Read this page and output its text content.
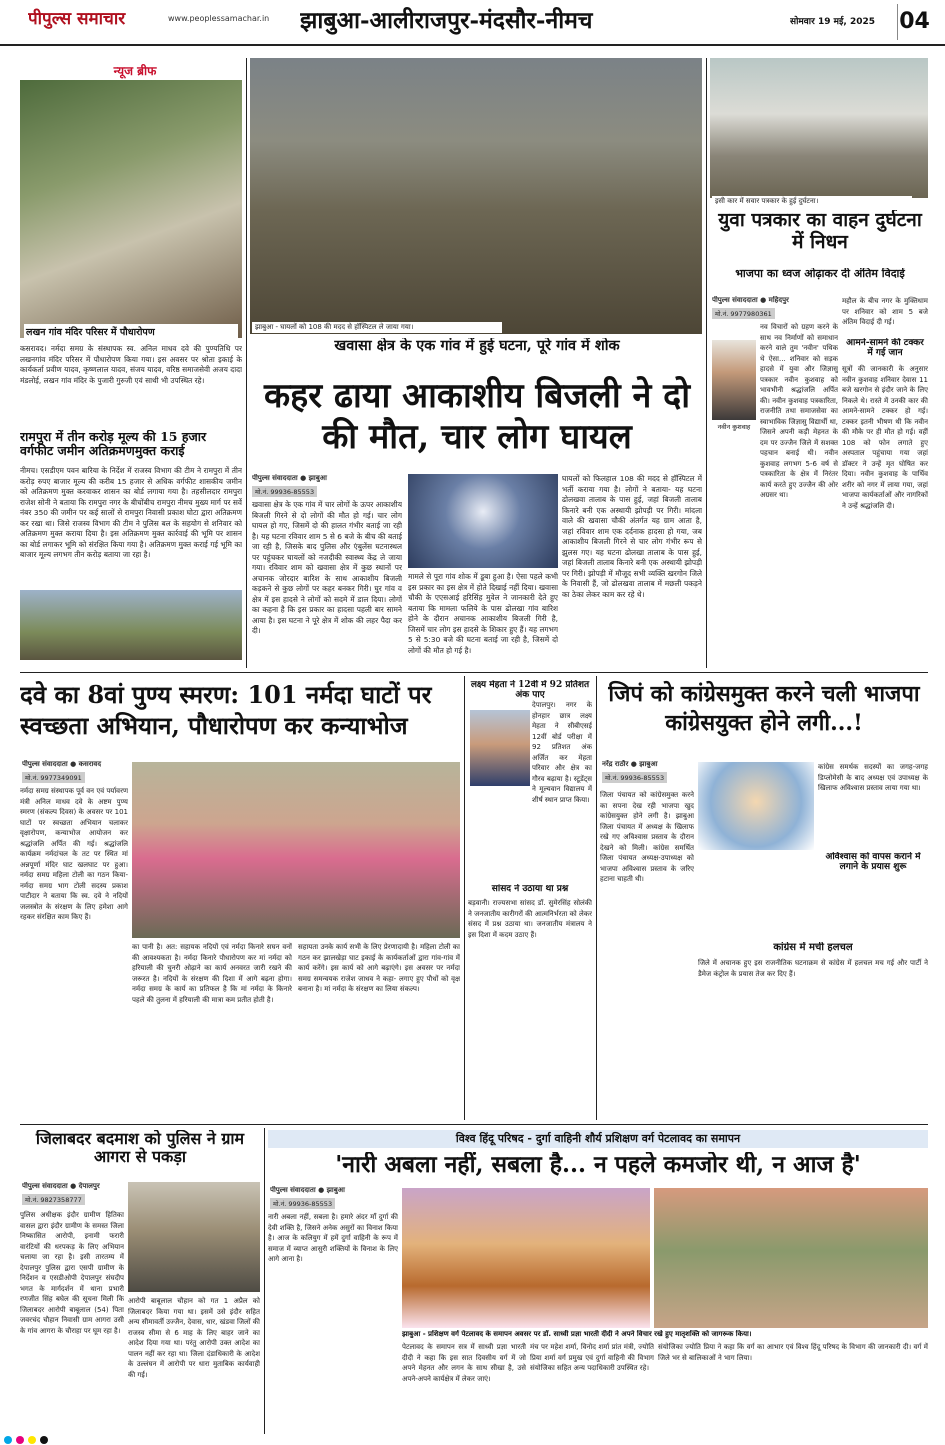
पीपुल्स समाचार	www.peoplessamachar.in	झाबुआ-आलीराजपुर-मंदसौर-नीमच	सोमवार 19 मई, 2025	04
न्यूज ब्रीफ
लखन गांव मंदिर परिसर में पौधारोपण
कसरावद। नर्मदा समग्र के संस्थापक स्व. अनिल माधव दवे की पुण्यतिथि पर लखनगांव मंदिर परिसर में पौधारोपण किया गया। इस अवसर पर श्रोता इकाई के कार्यकर्ता प्रवीण यादव, कृष्णलाल यादव, संजय यादव, वरिष्ठ समाजसेवी अजय दादा मंडलोई, लखन गांव मंदिर के पुजारी गुरुजी एवं साथी भी उपस्थित रहे।
रामपुरा में तीन करोड़ मूल्य की 15 हजार वर्गफीट जमीन अतिक्रमणमुक्त कराई
नीमच। एसडीएम पवन बारिया के निर्देश में राजस्व विभाग की टीम ने रामपुरा में तीन करोड़ रुपए बाजार मूल्य की करीब 15 हजार से अधिक वर्गफीट शासकीय जमीन को अतिक्रमण मुक्त करवाकर शासन का बोर्ड लगाया गया है। तहसीलदार रामपुरा राजेश सोनी ने बताया कि रामपुरा नगर के बीचोंबीच रामपुरा नीमच मुख्य मार्ग पर सर्वे नंबर 350 की जमीन पर कई सालों से रामपुरा निवासी प्रकाश घोटा द्वारा अतिक्रमण कर रखा था। जिसे राजस्व विभाग की टीम ने पुलिस बल के सहयोग से शनिवार को अतिक्रमण मुक्त कराया दिया है। इस अतिक्रमण मुक्त कार्रवाई की भूमि पर शासन का बोर्ड लगाकर भूमि को संरक्षित किया गया है। अतिक्रमण मुक्त कराई गई भूमि का बाजार मूल्य लगभग तीन करोड़ बताया जा रहा है।
झाबुआ - घायलों को 108 की मदद से हॉस्पिटल ले जाया गया।
खवासा क्षेत्र के एक गांव में हुई घटना, पूरे गांव में शोक
कहर ढाया आकाशीय बिजली ने दो की मौत, चार लोग घायल
पीपुल्स संवाददाता ● झाबुआ
मो.नं. 99936-85553
खवासा क्षेत्र के एक गांव में चार लोगों के ऊपर आकाशीय बिजली गिरने से दो लोगों की मौत हो गई। चार लोग घायल हो गए, जिसमें दो की हालत गंभीर बताई जा रही है। यह घटना रविवार शाम 5 से 6 बजे के बीच की बताई जा रही है, जिसके बाद पुलिस और एंबुलेंस घटनास्थल पर पहुंचकर घायलों को नजदीकी स्वास्थ्य केंद्र ले जाया गया। रविवार शाम को खवासा क्षेत्र में कुछ स्थानों पर अचानक जोरदार बारिश के साथ आकाशीय बिजली कड़कने से कुछ लोगों पर कहर बनकर गिरी। घुर गांव व क्षेत्र में इस हादसे ने लोगों को सदमे में डाल दिया। लोगों का कहना है कि इस प्रकार का हादसा पहली बार सामने आया है। इस घटना ने पूरे क्षेत्र में शोक की लहर पैदा कर दी।
मामले से पूरा गांव शोक में डूबा हुआ है। ऐसा पहले कभी इस प्रकार का इस क्षेत्र में होते दिखाई नहीं दिया। खवासा चौकी के एएसआई हरिसिंह मुवेल ने जानकारी देते हुए बताया कि मामला फलिये के पास ढोलखा गांव बारिश होने के दौरान अचानक आकाशीय बिजली गिरी है, जिसमें चार लोग इस हादसे के शिकार हुए हैं। यह लगभग 5 से 5:30 बजे की घटना बताई जा रही है, जिसमें दो लोगों की मौत हो गई है।
घायलों को फिलहाल 108 की मदद से हॉस्पिटल में भर्ती कराया गया है। लोगों ने बताया- यह घटना ढोलखवा तालाब के पास हुई, जहां बिजली तालाब किनारे बनी एक अस्थायी झोपड़ी पर गिरी। मांदला वाले की खवासा चौकी अंतर्गत यह ग्राम आता है, जहां रविवार शाम एक दर्दनाक हादसा हो गया, जब आकाशीय बिजली गिरने से चार लोग गंभीर रूप से झुलस गए। यह घटना ढोलखा तालाब के पास हुई, जहां बिजली तालाब किनारे बनी एक अस्थायी झोपड़ी पर गिरी। झोपड़ी में मौजूद सभी व्यक्ति खरगोन जिले के निवासी हैं, जो ढोलखवा तालाब में मछली पकड़ने का ठेका लेकर काम कर रहे थे।
इसी कार में सवार पत्रकार के हुई दुर्घटना।
युवा पत्रकार का वाहन दुर्घटना में निधन
भाजपा का ध्वज ओढ़ाकर दी अंतिम विदाई
पीपुल्स संवाददाता ● महिदपुर
मो.नं. 9977980361
नवीन कुशवाह
नव विचारों को ग्रहण करने के साथ नव निर्माणों को समाधान करने वाले तुम 'नवीन' पथिक थे ऐसा... शनिवार को सड़क हादसे में युवा और जिज्ञासु पत्रकार नवीन कुशवाह को भावभीनी श्रद्धांजलि अर्पित की। नवीन कुशवाह पत्रकारिता, राजनीति तथा समाजसेवा का स्वाभाविक जिज्ञासु विद्यार्थी था, जिसने अपनी कड़ी मेहनत के दम पर उज्जैन जिले में सशक्त पहचान बनाई थी। नवीन कुशवाह लगभग 5-6 वर्ष से पत्रकारिता के क्षेत्र में निरंतर कार्य करते हुए उज्जैन की ओर अग्रसर था।
महौल के बीच नगर के मुक्तिधाम पर शनिवार को शाम 5 बजे अंतिम विदाई दी गई।
आमने-सामने की टक्कर में गई जान
सूत्रों की जानकारी के अनुसार नवीन कुशवाह शनिवार देवास 11 बजे खरगोन से इंदौर जाने के लिए निकले थे। रास्ते में उनकी कार की आमने-सामने टक्कर हो गई। टक्कर इतनी भीषण थी कि नवीन की मौके पर ही मौत हो गई। वहीं 108 को फोन लगाते हुए अस्पताल पहुंचाया गया जहां डॉक्टर ने उन्हें मृत घोषित कर दिया। नवीन कुशवाह के पार्थिव शरीर को नगर में लाया गया, जहां भाजपा कार्यकर्ताओं और नागरिकों ने उन्हें श्रद्धांजलि दी।
दवे का 8वां पुण्य स्मरण: 101 नर्मदा घाटों पर स्वच्छता अभियान, पौधारोपण कर कन्याभोज
पीपुल्स संवाददाता ● कसरावद
मो.नं. 9977349091
नर्मदा समग्र संस्थापक पूर्व वन एवं पर्यावरण मंत्री अनिल माधव दवे के अष्टम पुण्य स्मरण (संकल्प दिवस) के अवसर पर 101 घाटों पर स्वच्छता अभियान चलाकर वृक्षारोपण, कन्याभोज आयोजन कर श्रद्धांजलि अर्पित की गई। श्रद्धांजलि कार्यक्रम नर्मदांचल के तट पर स्थित मां अन्नपूर्णा मंदिर घाट खलघाट पर हुआ। नर्मदा समग्र महिला टोली का गठन किया-नर्मदा समग्र भाग टोली सदस्य प्रकाश पाटीदार ने बताया कि स्व. दवे ने नदियों जलस्त्रोत के संरक्षण के लिए हमेशा आगे रहकर संरक्षित काम किए हैं।
का पानी है। अत: सहायक नदियों एवं नर्मदा किनारे सघन वनों की आवश्यकता है। नर्मदा किनारे पौधारोपण कर मां नर्मदा को हरियाली की चुनरी ओढ़ाने का कार्य अनवरत जारी रखने की जरूरत है। नदियों के संरक्षण की दिशा में आगे बढ़ना होगा। नर्मदा समग्र के कार्य का प्रतिफल है कि मां नर्मदा के किनारे पहले की तुलना में हरियाली की मात्रा कम प्रतीत होती है।
सहायता उनके कार्य सभी के लिए प्रेरणादायी है। महिला टोली का गठन कर झालखेड़ा घाट इकाई के कार्यकर्ताओं द्वारा गांव-गांव में कार्य करेंगे। इस कार्य को आगे बढ़ाएंगे। इस अवसर पर नर्मदा समग्र समन्वयक राजेश जाधव ने कहा- लगाए हुए पौधों को वृक्ष बनाना है। मां नर्मदा के संरक्षण का लिया संकल्प।
लक्ष्य मेहता ने 12वीं में 92 प्रतिशत अंक पाए
देपालपुर। नगर के होनहार छात्र लक्ष्य मेहता ने सीबीएसई 12वीं बोर्ड परीक्षा में 92 प्रतिशत अंक अर्जित कर मेहता परिवार और क्षेत्र का गौरव बढ़ाया है। स्टूडेंट्स ने मूल्यवान विद्यालय में शीर्ष स्थान प्राप्त किया।
सांसद ने उठाया था प्रश्न
बड़वानी। राज्यसभा सांसद डॉ. सुमेरसिंह सोलंकी ने जनजातीय कारीगरों की आत्मनिर्भरता को लेकर संसद में प्रश्न उठाया था। जनजातीय मंत्रालय ने इस दिशा में कदम उठाए हैं।
जिपं को कांग्रेसमुक्त करने चली भाजपा कांग्रेसयुक्त होने लगी...!
नरेंद्र राठौर ● झाबुआ
मो.नं. 99936-85553
जिला पंचायत को कांग्रेसमुक्त करने का सपना देख रही भाजपा खुद कांग्रेसयुक्त होने लगी है। झाबुआ जिला पंचायत में अध्यक्ष के खिलाफ रखे गए अविश्वास प्रस्ताव के दौरान देखने को मिली। कांग्रेस समर्थित जिला पंचायत अध्यक्ष-उपाध्यक्ष को भाजपा अविश्वास प्रस्ताव के जरिए हटाना चाहती थी।
कांग्रेस समर्थक सदस्यों का जगह-जगह डिप्लोमेसी के बाद अध्यक्ष एवं उपाध्यक्ष के खिलाफ अविश्वास प्रस्ताव लाया गया था।
अविश्वास को वापस कराने में लगाने के प्रयास शुरू
कांग्रेस में मची हलचल
जिले में अचानक हुए इस राजनीतिक घटनाक्रम से कांग्रेस में हलचल मच गई और पार्टी ने डैमेज कंट्रोल के प्रयास तेज कर दिए हैं।
जिलाबदर बदमाश को पुलिस ने ग्राम आगरा से पकड़ा
पीपुल्स संवाददाता ● देपालपुर
मो.नं. 9827358777
पुलिस अधीक्षक इंदौर ग्रामीण हितिका वासल द्वारा इंदौर ग्रामीण के समस्त जिला निष्कासित आरोपी, इनामी फरारी वारंटियों की धरपकड़ के लिए अभियान चलाया जा रहा है। इसी तारतम्य में देपालपुर पुलिस द्वारा एसपी ग्रामीण के निर्देशन व एसडीओपी देपालपुर संघदीप भगत के मार्गदर्शन में थाना प्रभारी रणजीत सिंह बघेल की सूचना मिली कि जिलाबदर आरोपी बाबूलाल (54) पिता जवरचंद चौहान निवासी ग्राम आगरा उसी के गांव आगरा के चौराहा पर घूम रहा है।
आरोपी बाबूलाल चौहान को गत 1 अप्रैल को जिलाबदर किया गया था। इसमें उसे इंदौर सहित अन्य सीमावर्ती उज्जैन, देवास, धार, खंडवा जिलों की राजस्व सीमा से 6 माह के लिए बाहर जाने का आदेश दिया गया था। परंतु आरोपी उक्त आदेश का पालन नहीं कर रहा था। जिला दंडाधिकारी के आदेश के उल्लंघन में आरोपी पर धारा मुताबिक कार्यवाही की गई।
विश्व हिंदू परिषद - दुर्गा वाहिनी शौर्य प्रशिक्षण वर्ग पेटलावद का समापन
'नारी अबला नहीं, सबला है... न पहले कमजोर थी, न आज है'
पीपुल्स संवाददाता ● झाबुआ
मो.नं. 99936-85553
नारी अबला नहीं, सबला है। हमारे अंदर माँ दुर्गा की देवी शक्ति है, जिसने अनेक असुरों का विनाश किया है। आज के कलियुग में हमें दुर्गा वाहिनी के रूप में समाज में व्याप्त आसुरी शक्तियों के विनाश के लिए आगे आना है।
झाबुआ - प्रशिक्षण वर्ग पेटलावद के समापन अवसर पर डॉ. साध्वी प्रज्ञा भारती दीदी ने अपने विचार रखे हुए मातृशक्ति को जागरूक किया।
पेटलावद के समापन सत्र में साध्वी प्रज्ञा भारती दीदी ने कहा कि इस सात दिवसीय वर्ग में जो अपने मेहनत और लगन के साथ सीखा है, उसे अपने-अपने कार्यक्षेत्र में लेकर जाएं।
मंच पर महेश शर्मा, विनोद शर्मा प्रांत मंत्री, ज्योति प्रिया शर्मा वर्ग प्रमुख एवं दुर्गा वाहिनी की विभाग संयोजिका सहित अन्य पदाधिकारी उपस्थित रहे।
संयोजिका ज्योति प्रिया ने कहा कि वर्ग का आभार एवं विश्व हिंदू परिषद के विभाग की जानकारी दी। वर्ग में जिले भर से बालिकाओं ने भाग लिया।
